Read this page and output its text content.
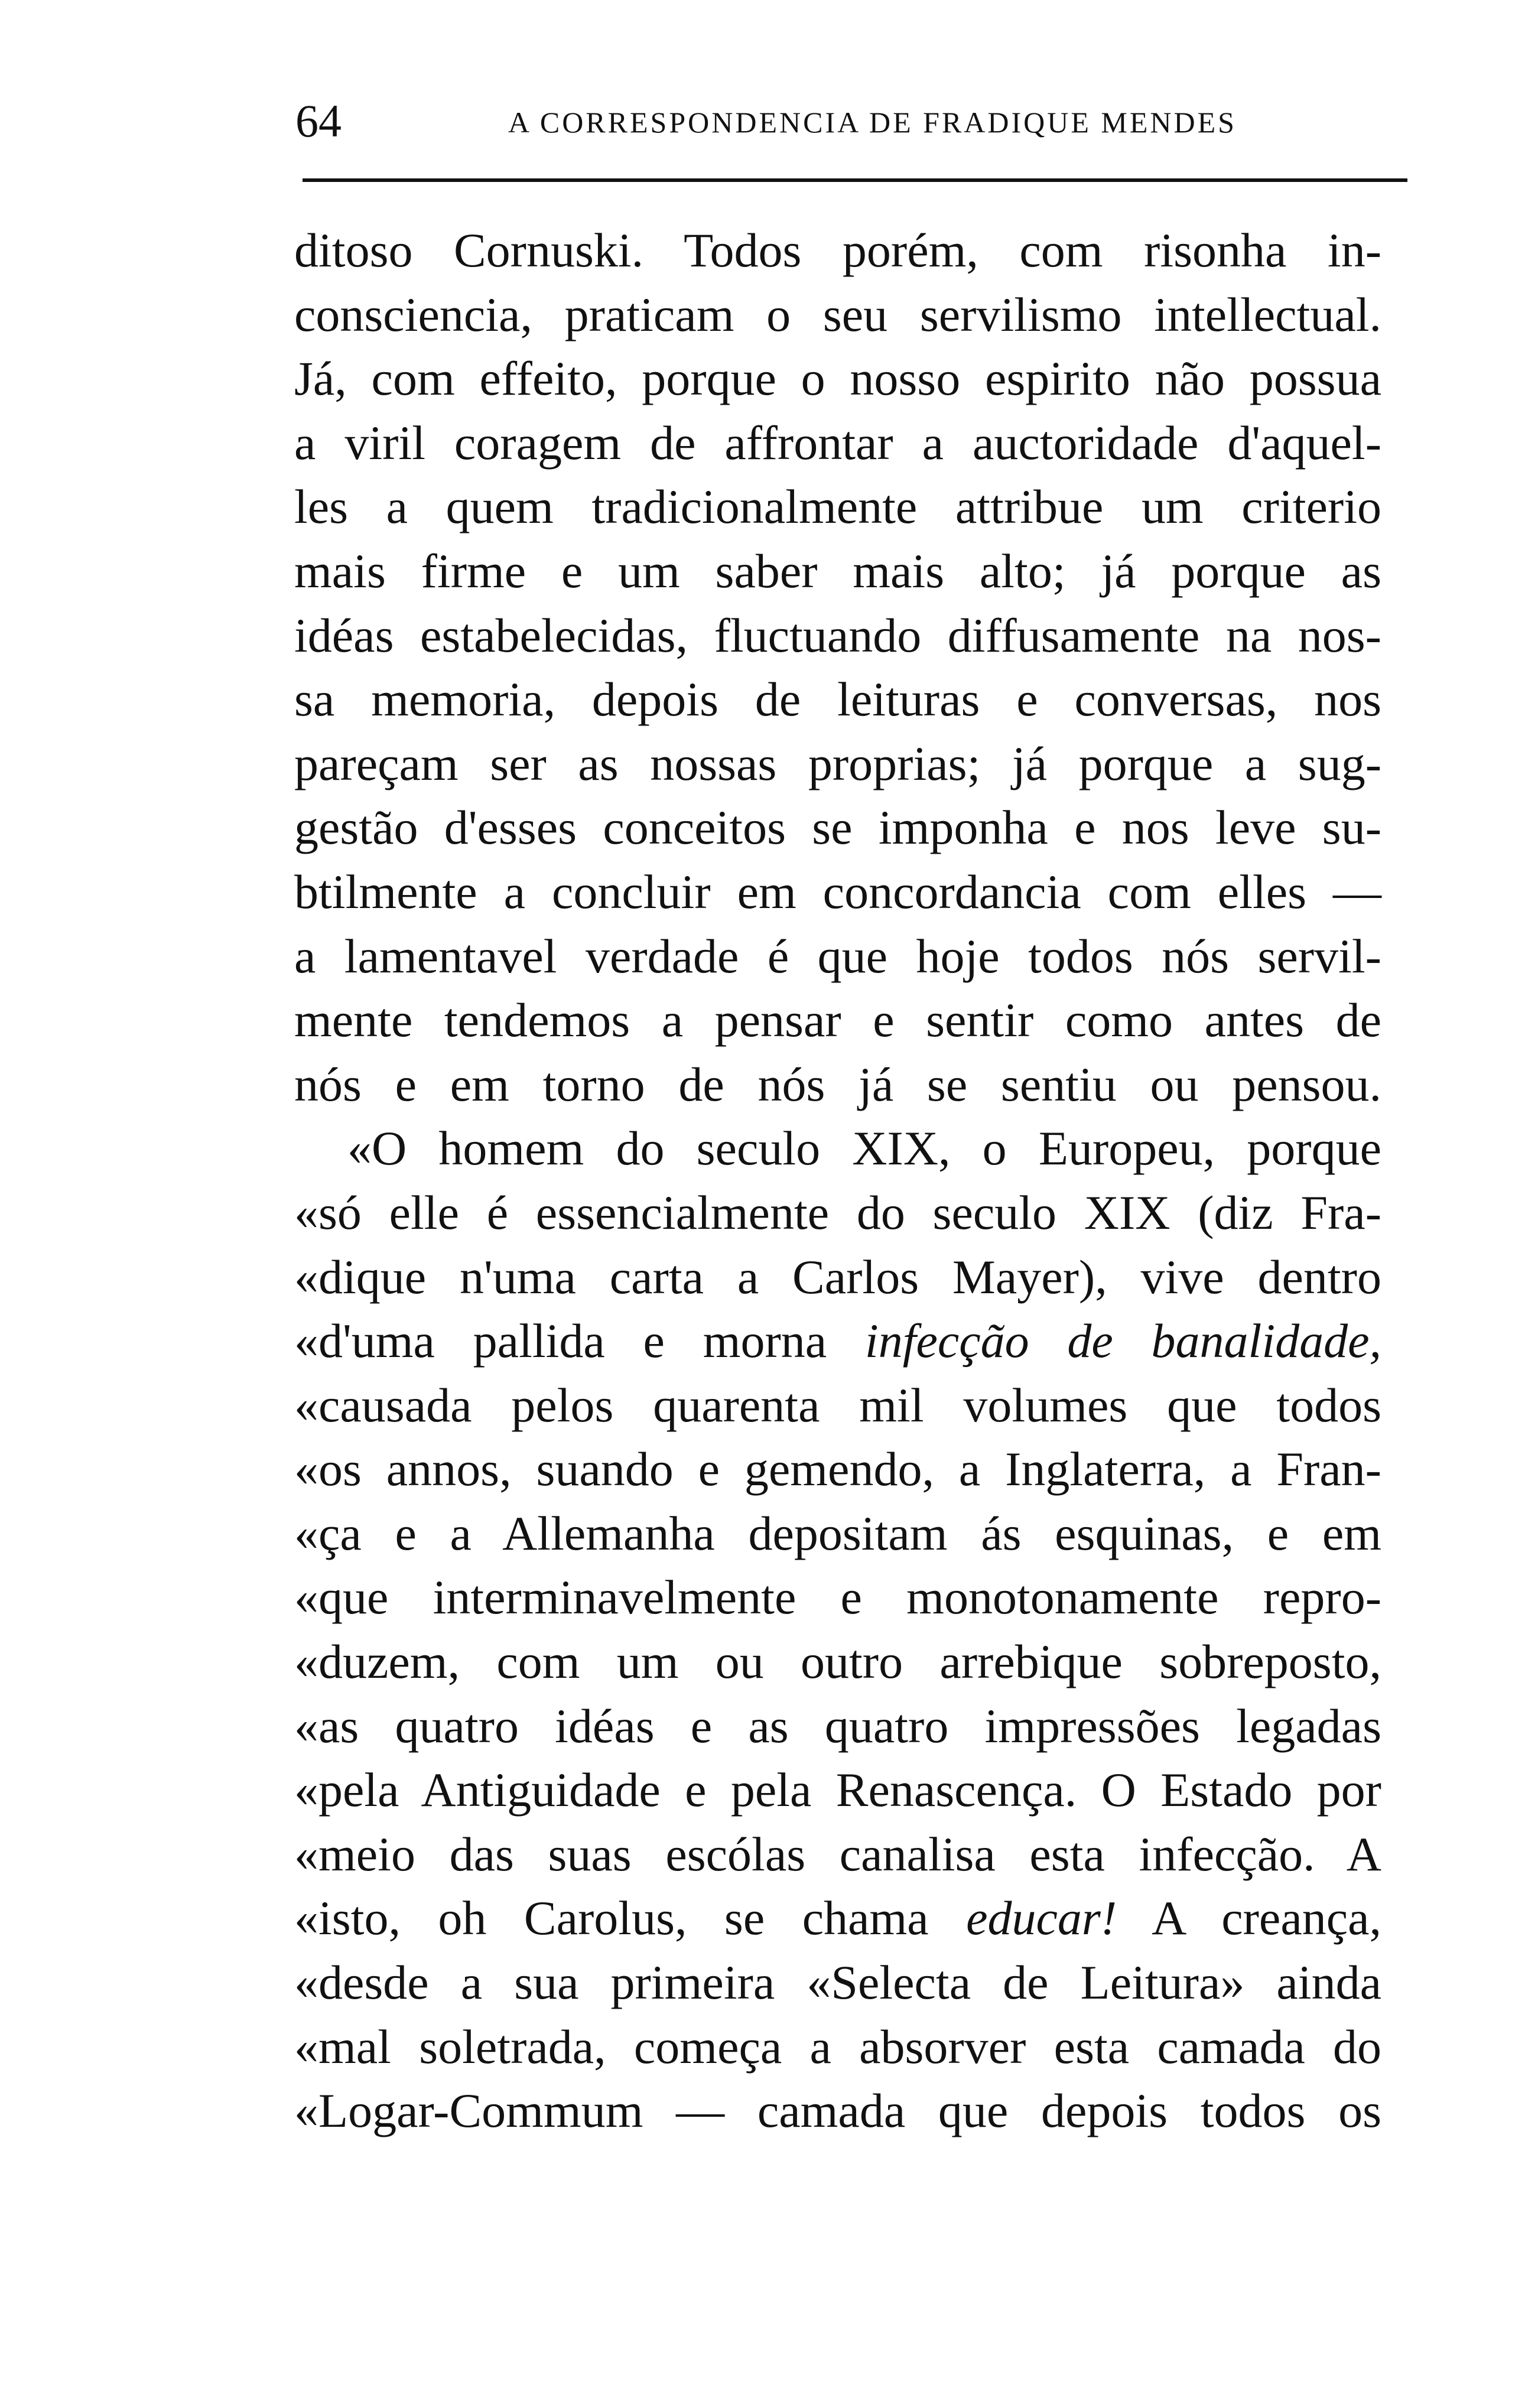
64	A CORRESPONDENCIA DE FRADIQUE MENDES
ditoso Cornuski. Todos porém, com risonha in-
consciencia, praticam o seu servilismo intellectual.
Já, com effeito, porque o nosso espirito não possua
a viril coragem de affrontar a auctoridade d'aquel-
les a quem tradicionalmente attribue um criterio
mais firme e um saber mais alto; já porque as
idéas estabelecidas, fluctuando diffusamente na nos-
sa memoria, depois de leituras e conversas, nos
pareçam ser as nossas proprias; já porque a sug-
gestão d'esses conceitos se imponha e nos leve su-
btilmente a concluir em concordancia com elles —
a lamentavel verdade é que hoje todos nós servil-
mente tendemos a pensar e sentir como antes de
nós e em torno de nós já se sentiu ou pensou.
«O homem do seculo XIX, o Europeu, porque
«só elle é essencialmente do seculo XIX (diz Fra-
«dique n'uma carta a Carlos Mayer), vive dentro
«d'uma pallida e morna infecção de banalidade,
«causada pelos quarenta mil volumes que todos
«os annos, suando e gemendo, a Inglaterra, a Fran-
«ça e a Allemanha depositam ás esquinas, e em
«que interminavelmente e monotonamente repro-
«duzem, com um ou outro arrebique sobreposto,
«as quatro idéas e as quatro impressões legadas
«pela Antiguidade e pela Renascença. O Estado por
«meio das suas escólas canalisa esta infecção. A
«isto, oh Carolus, se chama educar! A creança,
«desde a sua primeira «Selecta de Leitura» ainda
«mal soletrada, começa a absorver esta camada do
«Logar-Commum — camada que depois todos os
